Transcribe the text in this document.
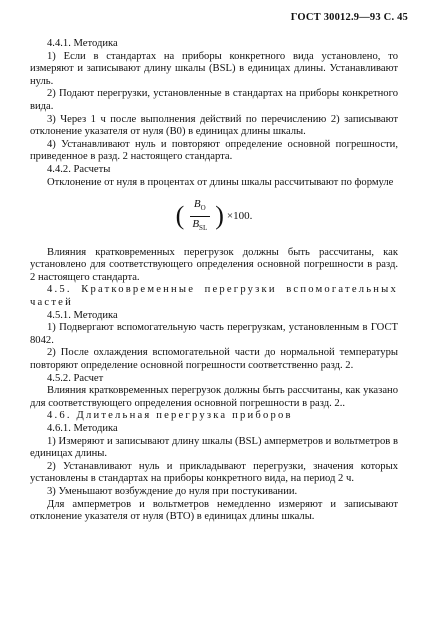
ГОСТ 30012.9—93 С. 45

4.4.1. Методика

1) Если в стандартах на приборы конкретного вида установлено, то измеряют и записывают длину шкалы (BSL) в единицах длины. Устанавливают нуль.

2) Подают перегрузки, установленные в стандартах на приборы конкретного вида.

3) Через 1 ч после выполнения действий по перечислению 2) записывают отклонение указателя от нуля (B0) в единицах длины шкалы.

4) Устанавливают нуль и повторяют определение основной погрешности, приведенное в разд. 2 настоящего стандарта.

4.4.2. Расчеты

Отклонение от нуля в процентах от длины шкалы рассчитывают по формуле

( $\frac{B_O}{B_{SL}}$ ) ×100.

Влияния кратковременных перегрузок должны быть рассчитаны, как установлено для соответствующего определения основной погрешности в разд. 2 настоящего стандарта.

4.5. Кратковременные перегрузки вспомогательных частей

4.5.1. Методика

1) Подвергают вспомогательную часть перегрузкам, установленным в ГОСТ 8042.

2) После охлаждения вспомогательной части до нормальной температуры повторяют определение основной погрешности соответственно разд. 2.

4.5.2. Расчет

Влияния кратковременных перегрузок должны быть рассчитаны, как указано для соответствующего определения основной погрешности в разд. 2..

4.6. Длительная перегрузка приборов

4.6.1. Методика

1) Измеряют и записывают длину шкалы (BSL) амперметров и вольтметров в единицах длины.

2) Устанавливают нуль и прикладывают перегрузки, значения которых установлены в стандартах на приборы конкретного вида, на период 2 ч.

3) Уменьшают возбуждение до нуля при постукивании.

Для амперметров и вольтметров немедленно измеряют и записывают отклонение указателя от нуля (BTO) в единицах длины шкалы.
